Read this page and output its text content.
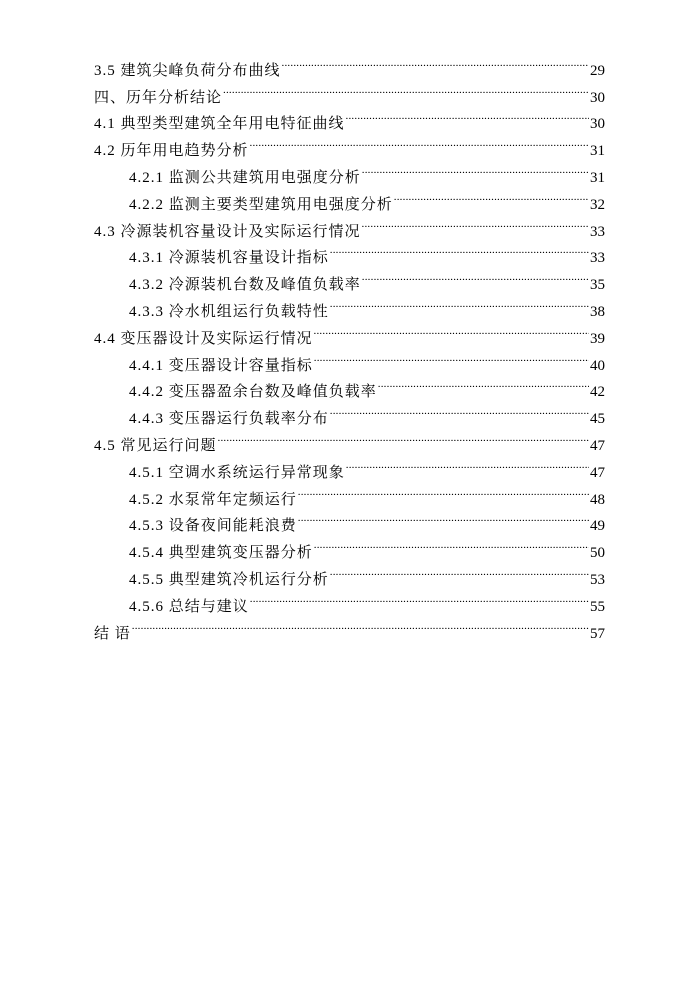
3.5 建筑尖峰负荷分布曲线 .....	29
四、历年分析结论 .....	30
4.1 典型类型建筑全年用电特征曲线 .....	30
4.2 历年用电趋势分析 .....	31
4.2.1 监测公共建筑用电强度分析 .....	31
4.2.2 监测主要类型建筑用电强度分析 .....	32
4.3 冷源装机容量设计及实际运行情况 .....	33
4.3.1 冷源装机容量设计指标 .....	33
4.3.2 冷源装机台数及峰值负载率 .....	35
4.3.3 冷水机组运行负载特性 .....	38
4.4 变压器设计及实际运行情况 .....	39
4.4.1 变压器设计容量指标 .....	40
4.4.2 变压器盈余台数及峰值负载率 .....	42
4.4.3 变压器运行负载率分布 .....	45
4.5 常见运行问题 .....	47
4.5.1 空调水系统运行异常现象 .....	47
4.5.2 水泵常年定频运行 .....	48
4.5.3 设备夜间能耗浪费 .....	49
4.5.4 典型建筑变压器分析 .....	50
4.5.5 典型建筑冷机运行分析 .....	53
4.5.6 总结与建议 .....	55
结 语 .....	57
